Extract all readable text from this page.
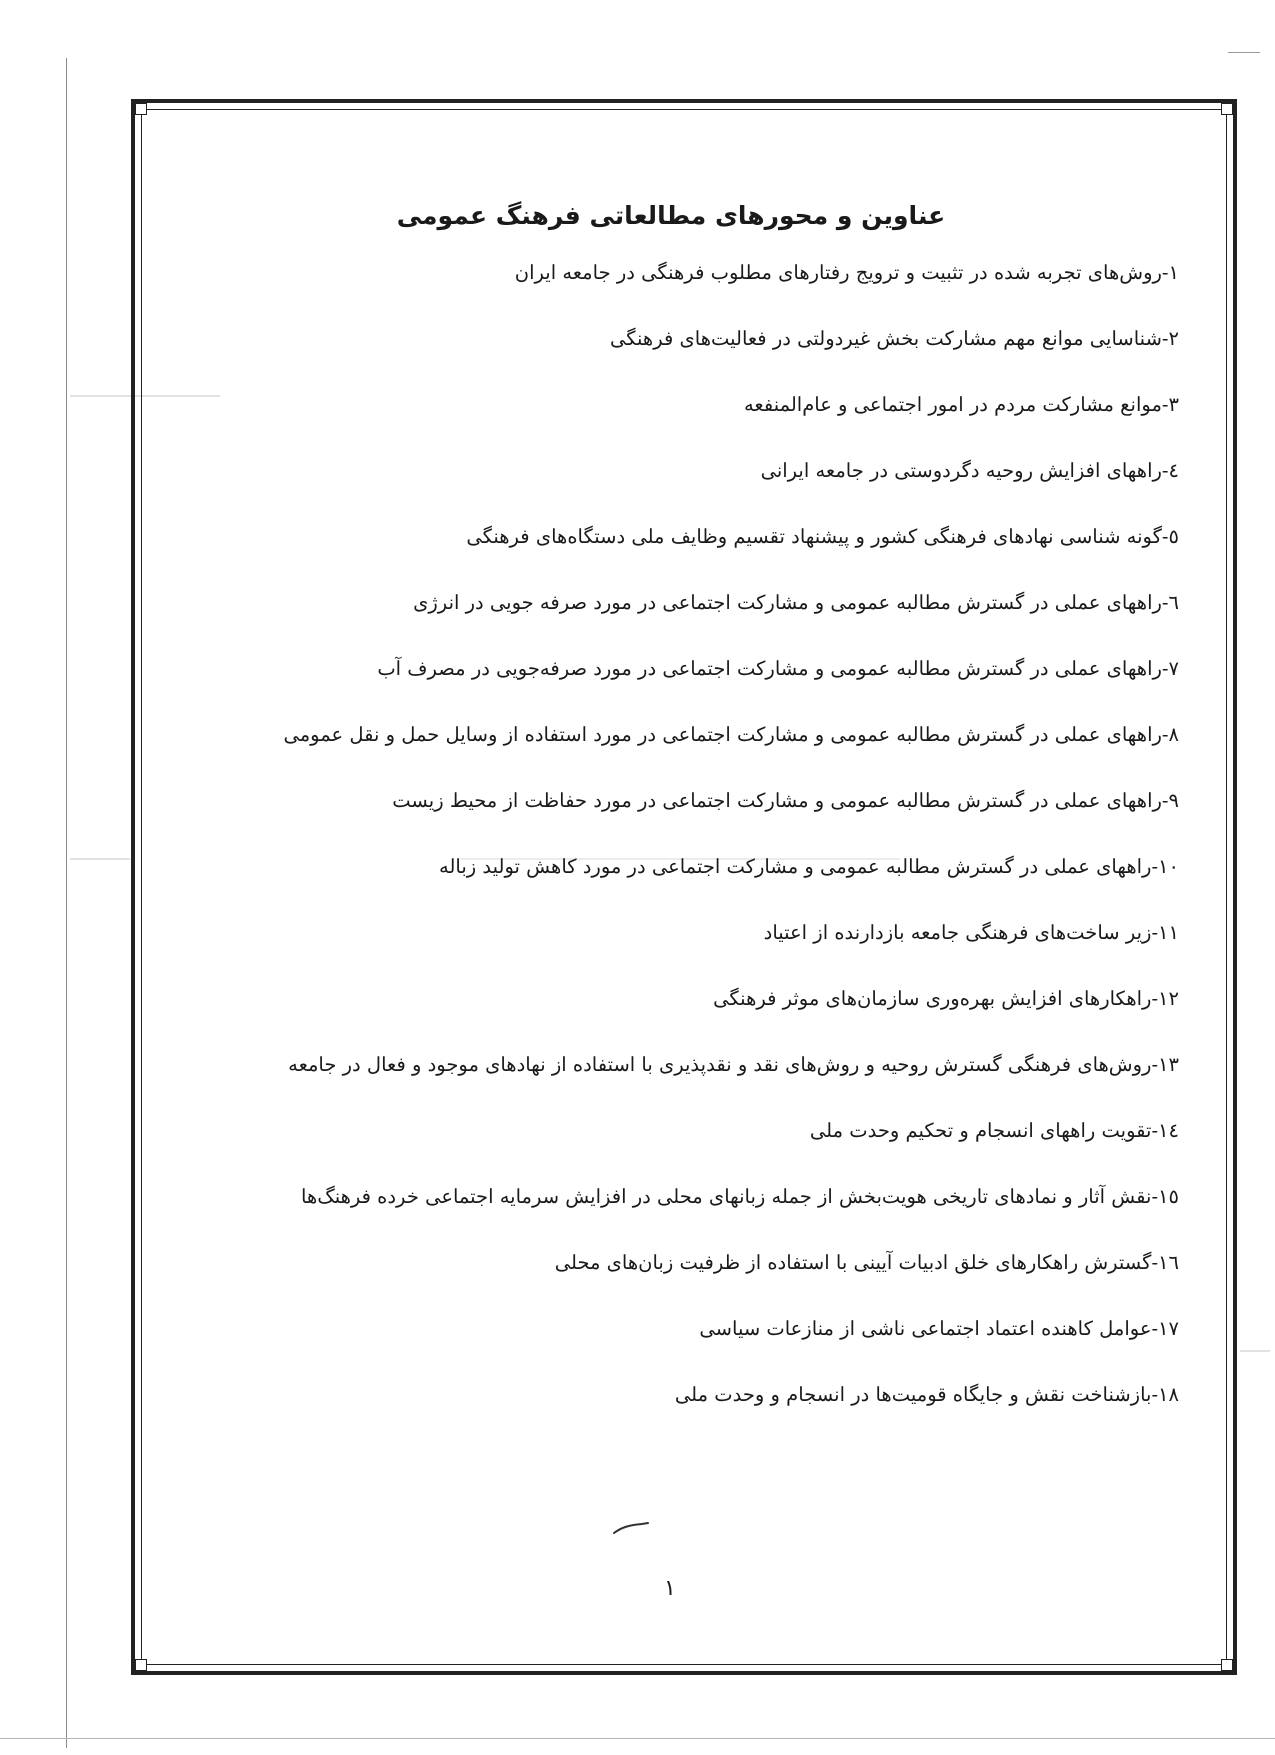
عناوین و محورهای مطالعاتی فرهنگ عمومی
۱-روش‌های تجربه شده در تثبیت و ترویج رفتارهای مطلوب فرهنگی در جامعه ایران
۲-شناسایی موانع مهم مشارکت بخش غیردولتی در فعالیت‌های فرهنگی
۳-موانع مشارکت مردم در امور اجتماعی و عام‌المنفعه
٤-راههای افزایش روحیه دگردوستی در جامعه ایرانی
٥-گونه شناسی نهادهای فرهنگی کشور و پیشنهاد تقسیم وظایف ملی دستگاه‌های فرهنگی
٦-راههای عملی در گسترش مطالبه عمومی و مشارکت اجتماعی در مورد صرفه جویی در انرژی
۷-راههای عملی در گسترش مطالبه عمومی و مشارکت اجتماعی در مورد صرفه‌جویی در مصرف آب
۸-راههای عملی در گسترش مطالبه عمومی و مشارکت اجتماعی در مورد استفاده از وسایل حمل و نقل عمومی
۹-راههای عملی در گسترش مطالبه عمومی و مشارکت اجتماعی در مورد حفاظت از محیط زیست
۱۰-راههای عملی در گسترش مطالبه عمومی و مشارکت اجتماعی در مورد کاهش تولید زباله
۱۱-زیر ساخت‌های فرهنگی جامعه بازدارنده از اعتیاد
۱۲-راهکارهای افزایش بهره‌وری سازمان‌های موثر فرهنگی
۱۳-روش‌های فرهنگی گسترش روحیه و روش‌های نقد و نقدپذیری با استفاده از نهادهای موجود و فعال در جامعه
۱٤-تقویت راههای انسجام و تحکیم وحدت ملی
۱٥-نقش آثار و نمادهای تاریخی هویت‌بخش از جمله زبانهای محلی در افزایش سرمایه اجتماعی خرده فرهنگ‌ها
۱٦-گسترش راهکارهای خلق ادبیات آیینی با استفاده از ظرفیت زبان‌های محلی
۱۷-عوامل کاهنده اعتماد اجتماعی ناشی از منازعات سیاسی
۱۸-بازشناخت نقش و جایگاه قومیت‌ها در انسجام و وحدت ملی
۱
